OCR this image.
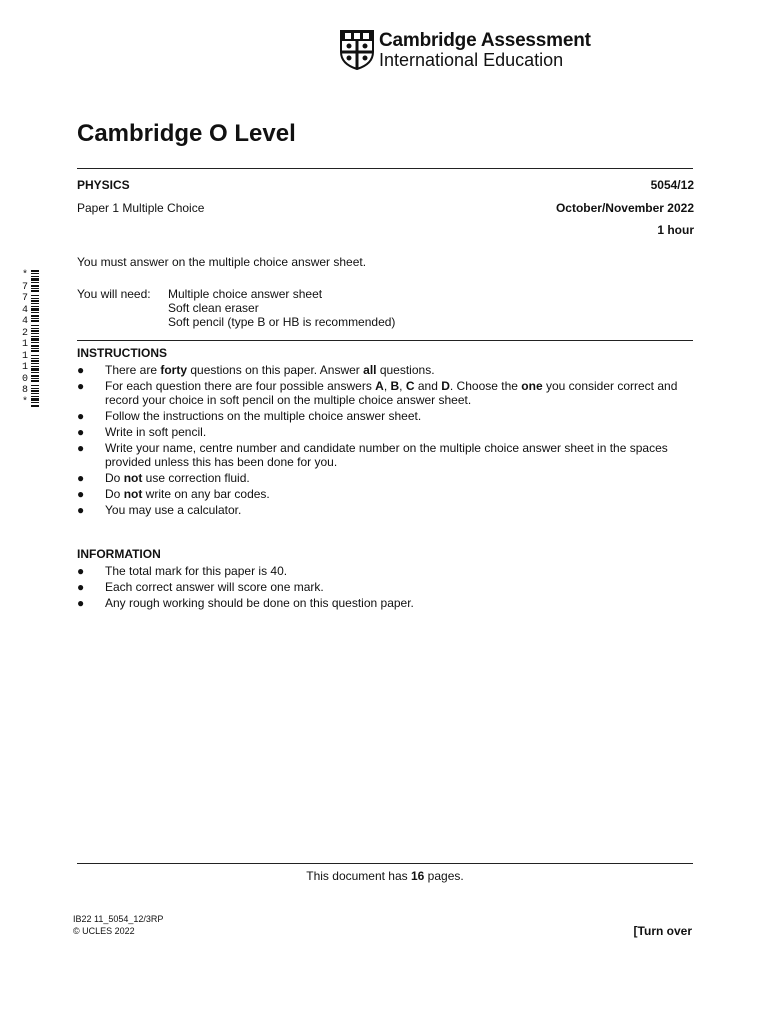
Cambridge Assessment
International Education
Cambridge O Level
PHYSICS	5054/12
Paper 1 Multiple Choice	October/November 2022
1 hour
*
7
7
4
4
2
1
1
1
0
8
*
You must answer on the multiple choice answer sheet.
You will need: Multiple choice answer sheet
Soft clean eraser
Soft pencil (type B or HB is recommended)
INSTRUCTIONS
● There are forty questions on this paper. Answer all questions.
● For each question there are four possible answers A, B, C and D. Choose the one you consider correct and record your choice in soft pencil on the multiple choice answer sheet.
● Follow the instructions on the multiple choice answer sheet.
● Write in soft pencil.
● Write your name, centre number and candidate number on the multiple choice answer sheet in the spaces provided unless this has been done for you.
● Do not use correction fluid.
● Do not write on any bar codes.
● You may use a calculator.
INFORMATION
● The total mark for this paper is 40.
● Each correct answer will score one mark.
● Any rough working should be done on this question paper.
This document has 16 pages.
IB22 11_5054_12/3RP
© UCLES 2022	[Turn over
